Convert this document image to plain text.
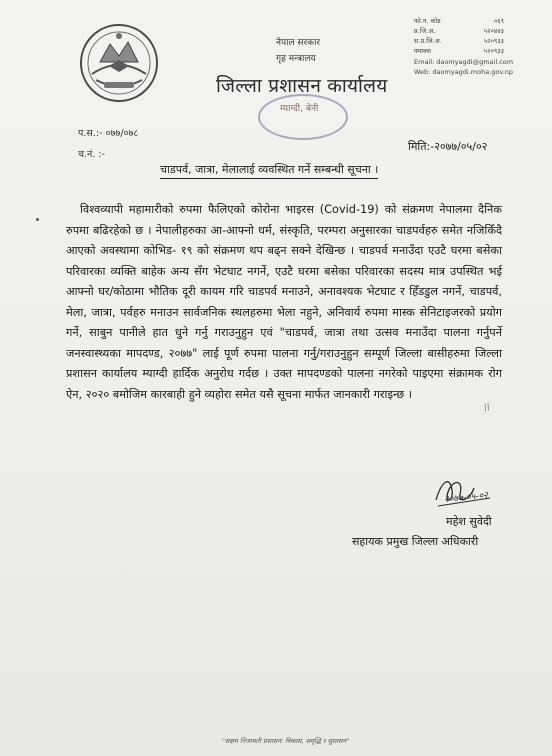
नेपाल सरकार
गृह मन्त्रालय
जिल्ला प्रशासन कार्यालय
म्याग्दी, बेनी
फो.न. कोड	०६९
प्र.जि.अ.	५२०४४३
स.प्र.जि.अ.	५२०९३३
फ्याक्स	५२०९३३
Email: daomyagdi@gmail.com
Web: daomyagdi.moha.gov.np
प.स.:- ०७७/०७८
च.नं. :-
मिति:-२०७७/०५/०२
चाडपर्व, जात्रा, मेलालाई व्यवस्थित गर्ने सम्बन्धी सूचना ।
विश्वव्यापी महामारीको रुपमा फैलिएको कोरोना भाइरस (Covid-19) को संक्रमण नेपालमा दैनिक रुपमा बढिरहेको छ । नेपालीहरुका आ-आफ्नो धर्म, संस्कृति, परम्परा अनुसारका चाडपर्वहरु समेत नजिकिँदै आएको अवस्थामा कोभिड- १९ को संक्रमण थप बढ्न सक्ने देखिन्छ । चाडपर्व मनाउँदा एउटै घरमा बसेका परिवारका व्यक्ति बाहेक अन्य सँग भेटघाट नगर्ने, एउटै घरमा बसेका परिवारका सदस्य मात्र उपस्थित भई आफ्नो घर/कोठामा भौतिक दूरी कायम गरि चाडपर्व मनाउने, अनावश्यक भेटघाट र हिँडडुल नगर्ने, चाडपर्व, मेला, जात्रा, पर्वहरु मनाउन सार्वजनिक स्थलहरुमा भेला नहुने, अनिवार्य रुपमा मास्क सेनिटाइजरको प्रयोग गर्ने, साबुन पानीले हात धुने गर्नु गराउनुहुन एवं "चाडपर्व, जात्रा तथा उत्सव मनाउँदा पालना गर्नुपर्ने जनस्वास्थ्यका मापदण्ड, २०७७" लाई पूर्ण रुपमा पालना गर्नु/गराउनुहुन सम्पूर्ण जिल्ला बासीहरुमा जिल्ला प्रशासन कार्यालय म्याग्दी हार्दिक अनुरोध गर्दछ । उक्त मापदण्डको पालना नगरेको पाइएमा संक्रामक रोग ऐन, २०२० बमोजिम कारबाही हुने व्यहोरा समेत यसै सूचना मार्फत जानकारी गराइन्छ ।
//
२०७७-०५-०२
महेश सुवेदी
सहायक प्रमुख जिल्ला अधिकारी
"सक्षम निजामती प्रशासन: विकास, समृद्धि र सुशासन"
